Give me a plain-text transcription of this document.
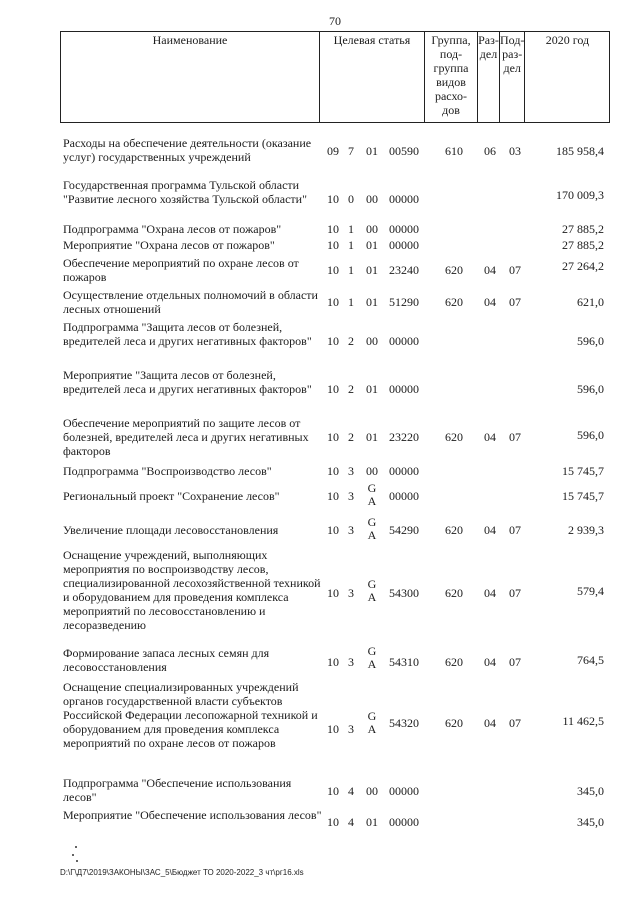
70
Наименование	Целевая статья	Группа, под-группа видов расхо-дов

Раз-дел

Под-раз-дел

2020 год
Расходы на обеспечение деятельности (оказание услуг) государственных учреждений	09 7	01 00590	610	06	03	185 958,4
Государственная программа Тульской области "Развитие лесного хозяйства Тульской области"	10 0	00 00000	170 009,3
Подпрограмма "Охрана лесов от пожаров"	10 1	00 00000	27 885,2
Мероприятие "Охрана лесов от пожаров"	10 1	01 00000	27 885,2
Обеспечение мероприятий по охране лесов от пожаров	10 1	01 23240	620	04	07	27 264,2
Осуществление отдельных полномочий в области лесных отношений	10 1	01 51290	620	04	07	621,0
Подпрограмма "Защита лесов от болезней, вредителей леса и других негативных факторов"	10 2	00 00000	596,0
Мероприятие "Защита лесов от болезней, вредителей леса и других негативных факторов"	10 2	01 00000	596,0
Обеспечение мероприятий по защите лесов от болезней, вредителей леса и других негативных факторов
10 2	01 23220	620	04	07	596,0
Подпрограмма "Воспроизводство лесов"	10 3	00 00000	15 745,7
Региональный проект "Сохранение лесов"	10 3
G
A	00000	15 745,7
Увеличение площади лесовосстановления	10 3
G
A	54290	620	04	07	2 939,3
Оснащение учреждений, выполняющих мероприятия по воспроизводству лесов, специализированной лесохозяйственной техникой и оборудованием для проведения комплекса мероприятий по лесовосстановлению и лесоразведению
10 3
G
A	54300	620	04	07	579,4
Формирование запаса лесных семян для лесовосстановления	10 3
G
A	54310	620	04	07	764,5
Оснащение специализированных учреждений органов государственной власти субъектов Российской Федерации лесопожарной техникой и оборудованием для проведения комплекса мероприятий по охране лесов от пожаров
10 3
G
A	54320	620	04	07	11 462,5
Подпрограмма "Обеспечение использования лесов"	10 4	00 00000	345,0
Мероприятие "Обеспечение использования лесов" 10 4	01 00000	345,0
D:\Г\Д7\2019\ЗАКОНЫ\ЗАС_5\Бюджет ТО 2020-2022_3 чт\рг16.xls
